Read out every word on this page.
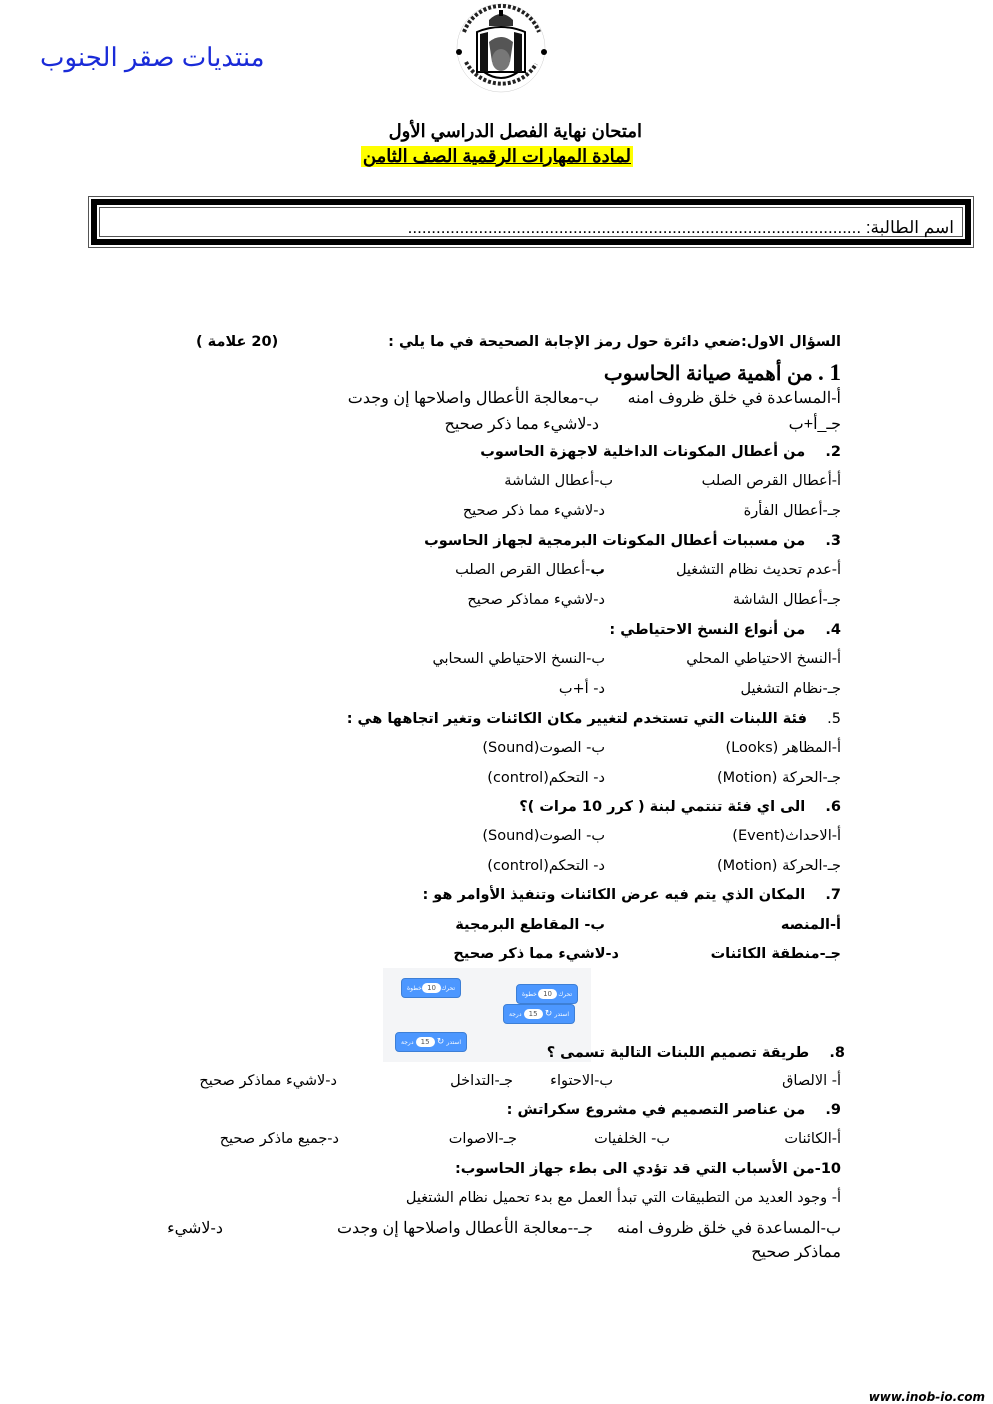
منتديات صقر الجنوب
امتحان نهاية الفصل الدراسي الأول
لمادة المهارات الرقمية الصف الثامن
اسم الطالبة: ................................................................................................
السؤال الاول:ضعي دائرة حول رمز الإجابة الصحيحة في ما يلي :
(20 علامة )
1 . من أهمية صيانة الحاسوب
أ-المساعدة في خلق ظروف امنه
ب-معالجة الأعطال واصلاحها إن وجدت
جـ_أ+ب
د-لاشيء مما ذكر صحيح
2.    من أعطال المكونات الداخلية لاجهزة الحاسوب
أ-أعطال القرص الصلب
ب-أعطال الشاشة
جـ-أعطال الفأرة
د-لاشيء مما ذكر صحيح
3.    من مسببات أعطال المكونات البرمجية لجهاز الحاسوب
أ-عدم تحديث نظام التشغيل
ب-أعطال القرص الصلب
جـ-أعطال الشاشة
د-لاشيء مماذكر صحيح
4.    من أنواع النسخ الاحتياطي :
أ-النسخ الاحتياطي المحلي
ب-النسخ الاحتياطي السحابي
جـ-نظام التشغيل
د- أ+ب
5.    فئة اللبنات التي تستخدم لتغيير مكان الكائنات وتغير اتجاهها هي :
أ-المظاهر (Looks)
ب- الصوت(Sound)
جـ-الحركة (Motion)
د- التحكم(control)
6.    الى اي فئة تنتمي لبنة ( كرر 10 مرات )؟
أ-الاحداث(Event)
ب- الصوت(Sound)
جـ-الحركة (Motion)
د- التحكم(control)
7.    المكان الذي يتم فيه عرض الكائنات وتنفيذ الأوامر هو :
أ-المنصه
ب- المقاطع البرمجية
جـ-منطقة الكائنات
د-لاشيء مما ذكر صحيح
تحرك
10
خطوة
تحرك
10
خطوة
استدر
↻
15
درجة
استدر
↻
15
درجة
8.    طريقة تصميم اللبنات التالية تسمى ؟
أ- الالصاق
ب-الاحتواء
جـ-التداخل
د-لاشيء مماذكر صحيح
9.    من عناصر التصميم في مشروع سكراتش :
أ-الكائنات
ب- الخلفيات
جـ-الاصوات
د-جميع ماذكر صحيح
10-من الأسباب التي قد تؤدي الى بطء جهاز الحاسوب:
أ- وجود العديد من التطبيقات التي تبدأ العمل مع بدء تحميل نظام الشتغيل
ب-المساعدة في خلق ظروف امنه
جـ--معالجة الأعطال واصلاحها إن وجدت
د-لاشيء
مماذكر صحيح
www.inob-io.com
